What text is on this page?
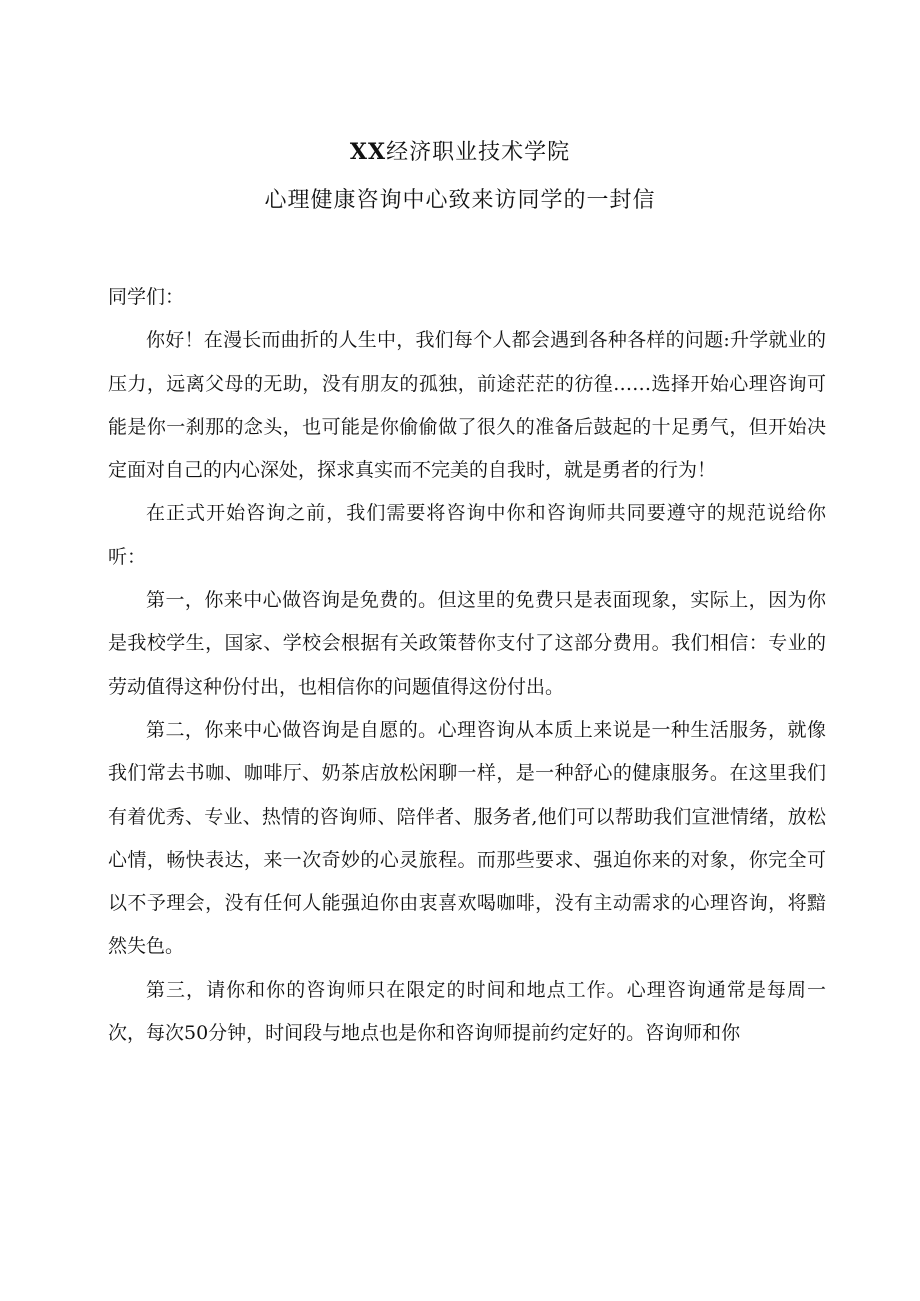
XX经济职业技术学院
心理健康咨询中心致来访同学的一封信

同学们：

你好！在漫长而曲折的人生中，我们每个人都会遇到各种各样的问题:升学就业的压力，远离父母的无助，没有朋友的孤独，前途茫茫的彷徨……选择开始心理咨询可能是你一刹那的念头，也可能是你偷偷做了很久的准备后鼓起的十足勇气，但开始决定面对自己的内心深处，探求真实而不完美的自我时，就是勇者的行为！

在正式开始咨询之前，我们需要将咨询中你和咨询师共同要遵守的规范说给你听：

第一，你来中心做咨询是免费的。但这里的免费只是表面现象，实际上，因为你是我校学生，国家、学校会根据有关政策替你支付了这部分费用。我们相信：专业的劳动值得这种份付出，也相信你的问题值得这份付出。

第二，你来中心做咨询是自愿的。心理咨询从本质上来说是一种生活服务，就像我们常去书咖、咖啡厅、奶茶店放松闲聊一样，是一种舒心的健康服务。在这里我们有着优秀、专业、热情的咨询师、陪伴者、服务者,他们可以帮助我们宣泄情绪，放松心情，畅快表达，来一次奇妙的心灵旅程。而那些要求、强迫你来的对象，你完全可以不予理会，没有任何人能强迫你由衷喜欢喝咖啡，没有主动需求的心理咨询，将黯然失色。

第三，请你和你的咨询师只在限定的时间和地点工作。心理咨询通常是每周一次，每次50分钟，时间段与地点也是你和咨询师提前约定好的。咨询师和你
